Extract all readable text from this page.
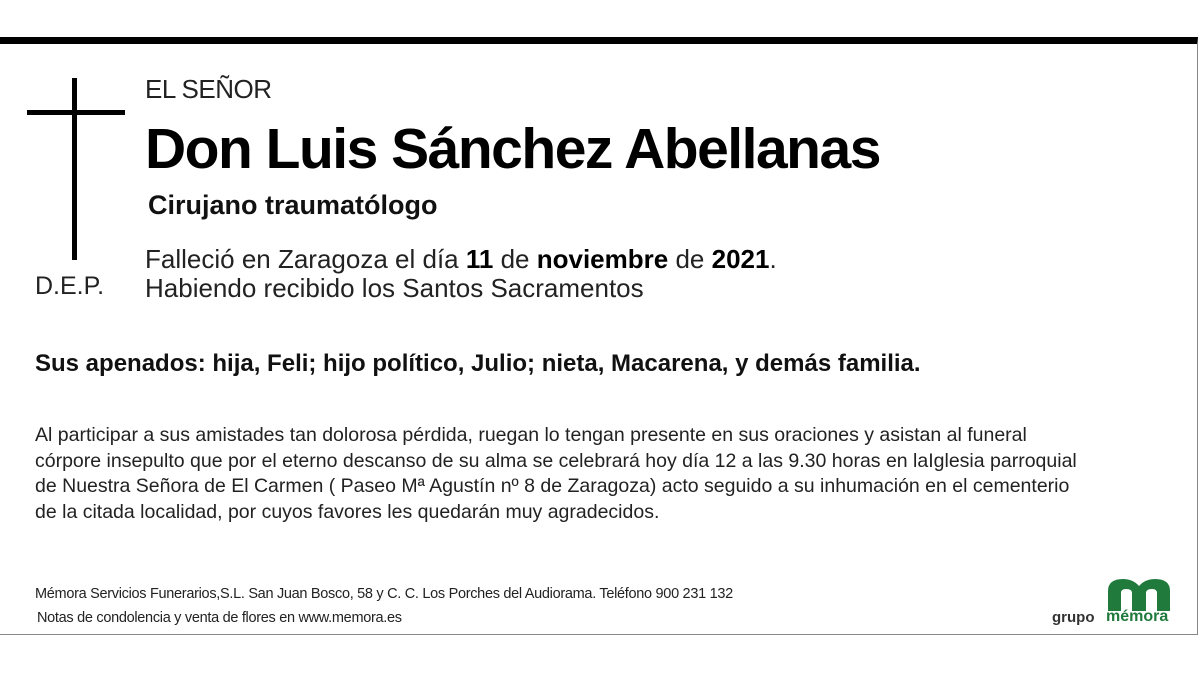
D.E.P.
EL SEÑOR
Don Luis Sánchez Abellanas
Cirujano traumatólogo
Falleció en Zaragoza el día 11 de noviembre de 2021.
Habiendo recibido los Santos Sacramentos
Sus apenados: hija, Feli; hijo político, Julio; nieta, Macarena, y demás familia.
Al participar a sus amistades tan dolorosa pérdida, ruegan lo tengan presente en sus oraciones y asistan al funeral
córpore insepulto que por el eterno descanso de su alma se celebrará hoy día 12 a las 9.30 horas en laIglesia parroquial
de Nuestra Señora de El Carmen ( Paseo Mª Agustín nº 8 de Zaragoza) acto seguido a su inhumación en el cementerio
de la citada localidad, por cuyos favores les quedarán muy agradecidos.
Mémora Servicios Funerarios,S.L. San Juan Bosco, 58 y C. C. Los Porches del Audiorama. Teléfono 900 231 132
Notas de condolencia y venta de flores en www.memora.es	grupo mémora
